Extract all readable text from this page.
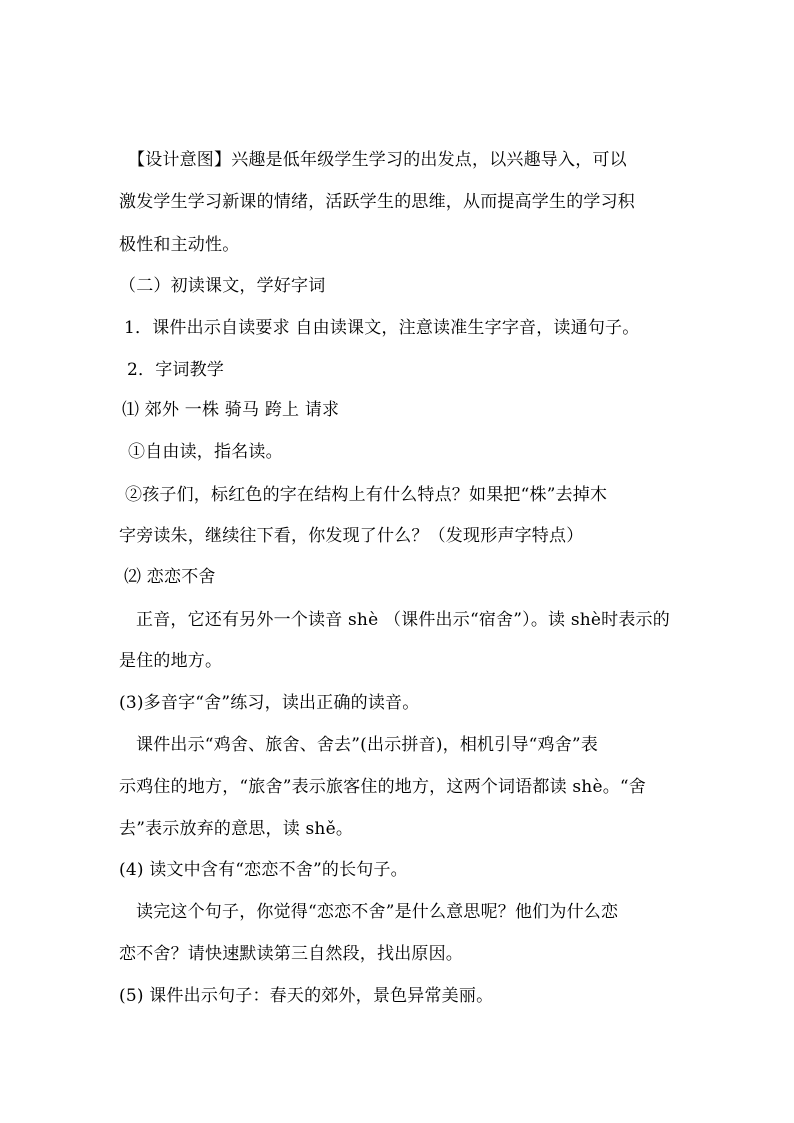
【设计意图】兴趣是低年级学生学习的出发点，以兴趣导入，可以
激发学生学习新课的情绪，活跃学生的思维，从而提高学生的学习积
极性和主动性。
（二）初读课文，学好字词
1．课件出示自读要求 自由读课文，注意读准生字字音，读通句子。
2．字词教学
⑴ 郊外 一株 骑马 跨上 请求
①自由读，指名读。
②孩子们，标红色的字在结构上有什么特点？如果把“株”去掉木
字旁读朱，继续往下看，你发现了什么？（发现形声字特点）
⑵ 恋恋不舍
正音，它还有另外一个读音 shè （课件出示“宿舍”）。读 shè时表示的
是住的地方。
(3)多音字“舍”练习，读出正确的读音。
课件出示“鸡舍、旅舍、舍去”(出示拼音)，相机引导“鸡舍”表
示鸡住的地方，“旅舍”表示旅客住的地方，这两个词语都读 shè。“舍
去”表示放弃的意思，读 shě。
(4) 读文中含有“恋恋不舍”的长句子。
读完这个句子，你觉得“恋恋不舍”是什么意思呢？他们为什么恋
恋不舍？请快速默读第三自然段，找出原因。
(5) 课件出示句子：春天的郊外，景色异常美丽。
